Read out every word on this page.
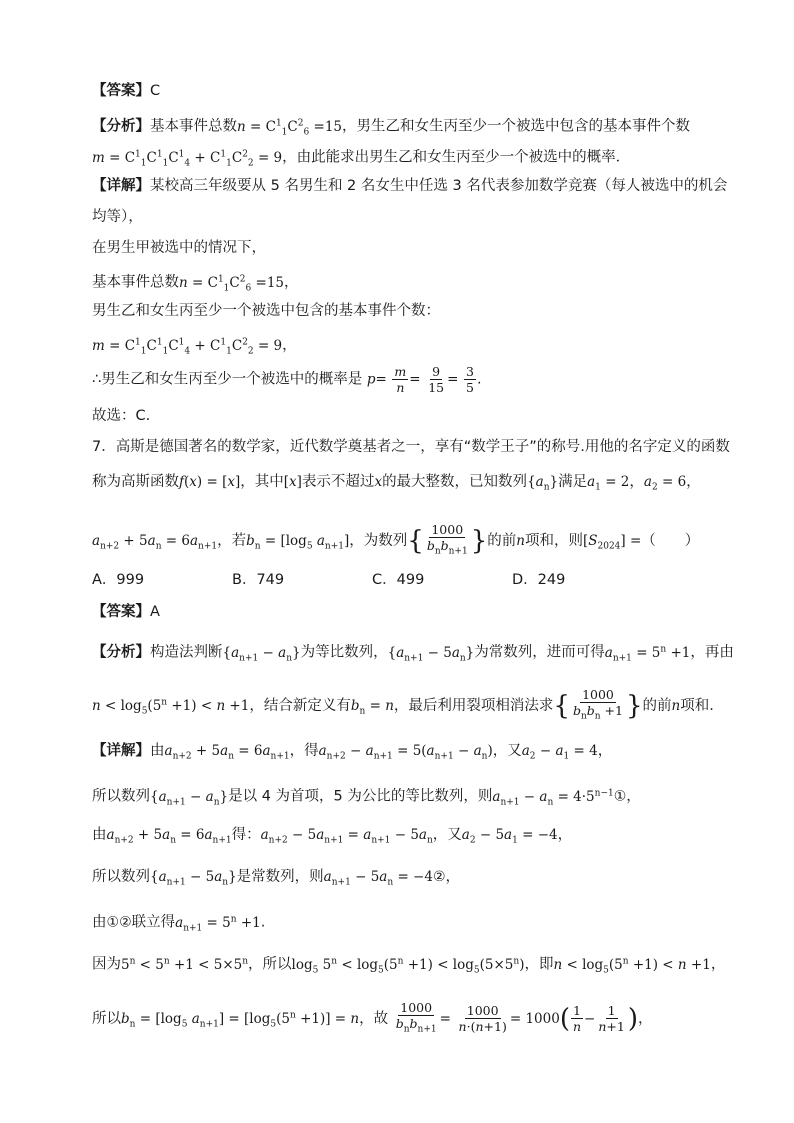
【答案】C
【分析】基本事件总数$n = C^1_1C^2_6 =15$，男生乙和女生丙至少一个被选中包含的基本事件个数
$m = C^1_1C^1_1C^1_4 + C^1_1C^2_2 = 9$，由此能求出男生乙和女生丙至少一个被选中的概率．
【详解】某校高三年级要从 5 名男生和 2 名女生中任选 3 名代表参加数学竞赛（每人被选中的机会
均等），
在男生甲被选中的情况下，
基本事件总数$n = C^1_1C^2_6 =15$，
男生乙和女生丙至少一个被选中包含的基本事件个数：
$m = C^1_1C^1_1C^1_4 + C^1_1C^2_2 = 9$，
∴男生乙和女生丙至少一个被选中的概率是 $p= \frac{m}{n} = \frac{9}{15} = \frac{3}{5}$ .
故选：C.
7．高斯是德国著名的数学家，近代数学奠基者之一，享有“数学王子”的称号.用他的名字定义的函数
称为高斯函数f(x) = [x]，其中[x]表示不超过x的最大整数，已知数列$\{a_n\}$满足$a_1 = 2$，$a_2 = 6$，
$a_{n+2} + 5a_n = 6a_{n+1}$，若$b_n = [\log_5$ $a_{n+1}$]，为数列{ $\frac{1000}{b_nb_{n+1}}$ }的前n项和，则$[S_{2024}]$ =（　　）
A．999	B．749	C．499	D．249
【答案】A
【分析】构造法判断$\{a_{n+1} - a_n\}$为等比数列，$\{a_{n+1} - 5a_n\}$为常数列，进而可得$a_{n+1} = 5^n +1$，再由
$n < \log_5(5^n +1) < n +1$，结合新定义有$b_n = n$，最后利用裂项相消法求{ $\frac{1000}{b_nb_n +1}$ }的前n项和.
【详解】由$a_{n+2} + 5a_n = 6a_{n+1}$，得$a_{n+2} - a_{n+1} = 5(a_{n+1} - a_n)$，又$a_2 - a_1 = 4$，
所以数列$\{a_{n+1} - a_n\}$是以 4 为首项，5 为公比的等比数列，则$a_{n+1} - a_n$ = $4\cdot 5^{n-1}①$，
由$a_{n+2} + 5a_n = 6a_{n+1}$得：$a_{n+2} - 5a_{n+1} = a_{n+1} - 5a_n$，又$a_2 - 5a_1 = -4$，
所以数列$\{a_{n+1} - 5a_n\}$是常数列，则$a_{n+1} - 5a_n$ = −4②，
由①②联立得$a_{n+1} = 5^n +1$.
因为$5^n < 5^n +1 < 5\times 5^n$，所以$\log_5 5^n < \log_5(5^n +1) < \log_5(5\times 5^n)$，即$n < \log_5(5^n +1) < n +1$，
所以$b_n = [\log_5$ $a_{n+1}] = [\log_5(5^n +1)] = n$，故 $\frac{1000}{b_nb_{n+1}} = \frac{1000}{n\cdot(n+1)} = 1000( \frac{1}{n} - \frac{1}{n+1}$ )，
